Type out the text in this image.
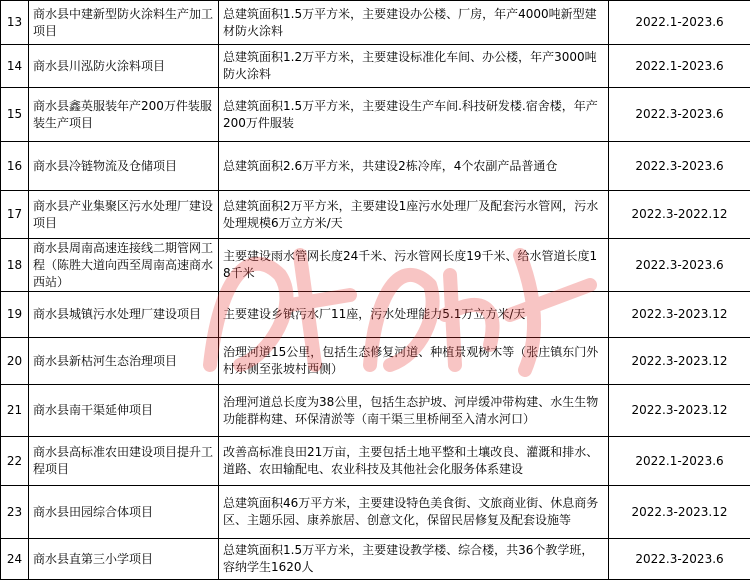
13	商水县中建新型防火涂料生产加工项目	总建筑面积1.5万平方米，主要建设办公楼、厂房，年产4000吨新型建材防火涂料	2022.1-2023.6
14	商水县川泓防火涂料项目	总建筑面积1.2万平方米，主要建设标准化车间、办公楼，年产3000吨防火涂料	2022.1-2023.6
15	商水县鑫英服装年产200万件装服装生产项目	总建筑面积1.5万平方米，主要建设生产车间.科技研发楼.宿舍楼，年产200万件服装	2022.3-2023.6
16	商水县冷链物流及仓储项目	总建筑面积2.6万平方米，共建设2栋冷库，4个农副产品普通仓	2022.3-2023.6
17	商水县产业集聚区污水处理厂建设项目	总建筑面积2万平方米，主要建设1座污水处理厂及配套污水管网，污水处理规模6万立方米/天	2022.3-2022.12
18	商水县周南高速连接线二期管网工程（陈胜大道向西至周南高速商水西站）	主要建设雨水管网长度24千米、污水管网长度19千米、给水管道长度18千米	2022.3-2023.6
19	商水县城镇污水处理厂建设项目	主要建设乡镇污水厂11座，污水处理能力5.1万立方米/天	2022.3-2023.12
20	商水县新枯河生态治理项目	治理河道15公里，包括生态修复河道、种植景观树木等（张庄镇东门外村东侧至张坡村西侧）	2022.3-2023.12
21	商水县南干渠延伸项目	治理河道总长度为38公里，包括生态护坡、河岸缓冲带构建、水生生物功能群构建、环保清淤等（南干渠三里桥闸至入清水河口）	2022.3-2023.12
22	商水县高标准农田建设项目提升工程项目	改善高标准良田21万亩，主要包括土地平整和土壤改良、灌溉和排水、道路、农田输配电、农业科技及其他社会化服务体系建设	2022.1-2023.6
23	商水县田园综合体项目	总建筑面积46万平方米，主要建设特色美食街、文旅商业街、休息商务区、主题乐园、康养旅居、创意文化，保留民居修复及配套设施等	2022.3-2023.12
24	商水县直第三小学项目	总建筑面积1.5万平方米，主要建设教学楼、综合楼，共36个教学班，容纳学生1620人	2022.3-2023.6
